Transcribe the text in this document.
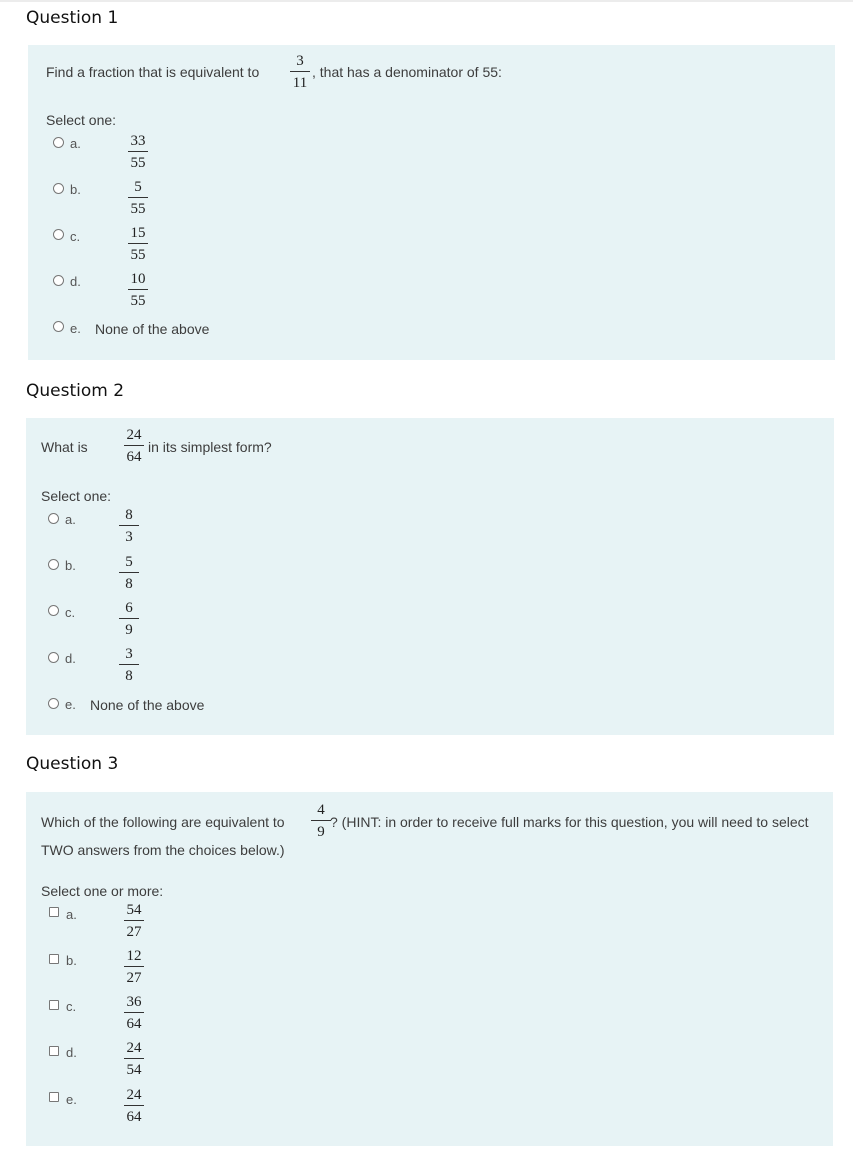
Question 1
Find a fraction that is equivalent to
3
11
, that has a denominator of 55:
Select one:
a.	33
55
b.	5
55
c.	15
55
d.	10
55
e. None of the above
Questiom 2
What is
24
64
in its simplest form?
Select one:
a.	8
3
b.	5
8
c.	6
9
d.	3
8
e. None of the above
Question 3
Which of the following are equivalent to
4
9
? (HINT: in order to receive full marks for this question, you will need to select
TWO answers from the choices below.)
Select one or more:
a.	54
27
b.	12
27
c.	36
64
d.	24
54
e.	24
64
